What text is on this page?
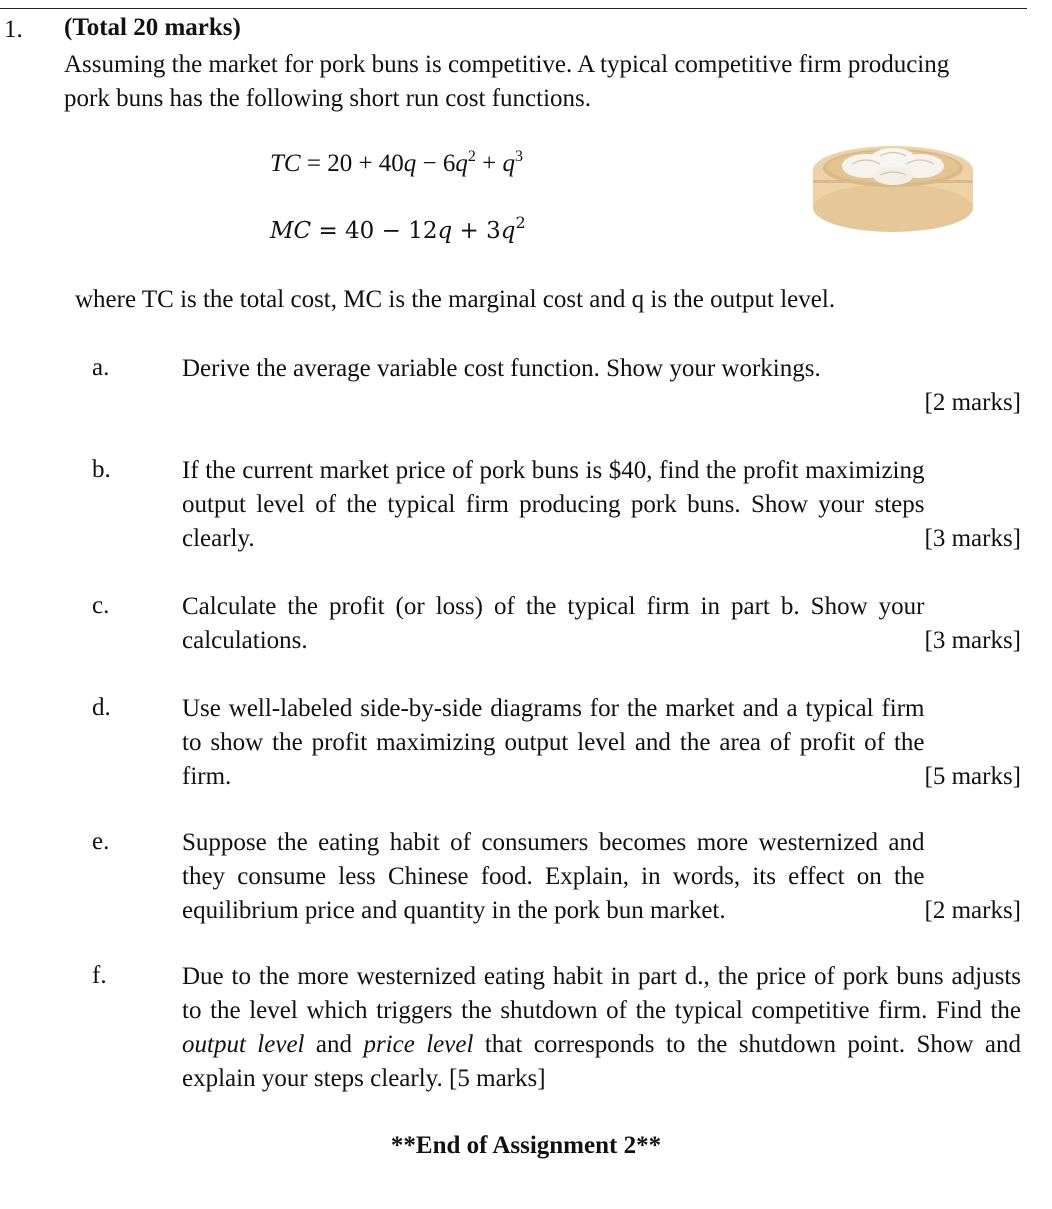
1. (Total 20 marks)
Assuming the market for pork buns is competitive. A typical competitive firm producing pork buns has the following short run cost functions.
TC = $20 + 40q - 6q^2 + q^3$
MC = $40 - 12q + 3q^2$
where TC is the total cost, MC is the marginal cost and q is the output level.
a.	Derive the average variable cost function. Show your workings.
[2 marks]
b.
[3 marks]
If the current market price of pork buns is $40, find the profit maximizing output level of the typical firm producing pork buns. Show your steps clearly.
c.
[3 marks]
Calculate the profit (or loss) of the typical firm in part b. Show your calculations.
d.
[5 marks]
Use well-labeled side-by-side diagrams for the market and a typical firm to show the profit maximizing output level and the area of profit of the firm.
e.
[2 marks]
Suppose the eating habit of consumers becomes more westernized and they consume less Chinese food. Explain, in words, its effect on the equilibrium price and quantity in the pork bun market.
f.	Due to the more westernized eating habit in part d., the price of pork buns adjusts to the level which triggers the shutdown of the typical competitive firm. Find the output level and price level that corresponds to the shutdown point. Show and explain your steps clearly. [5 marks]
**End of Assignment 2**
